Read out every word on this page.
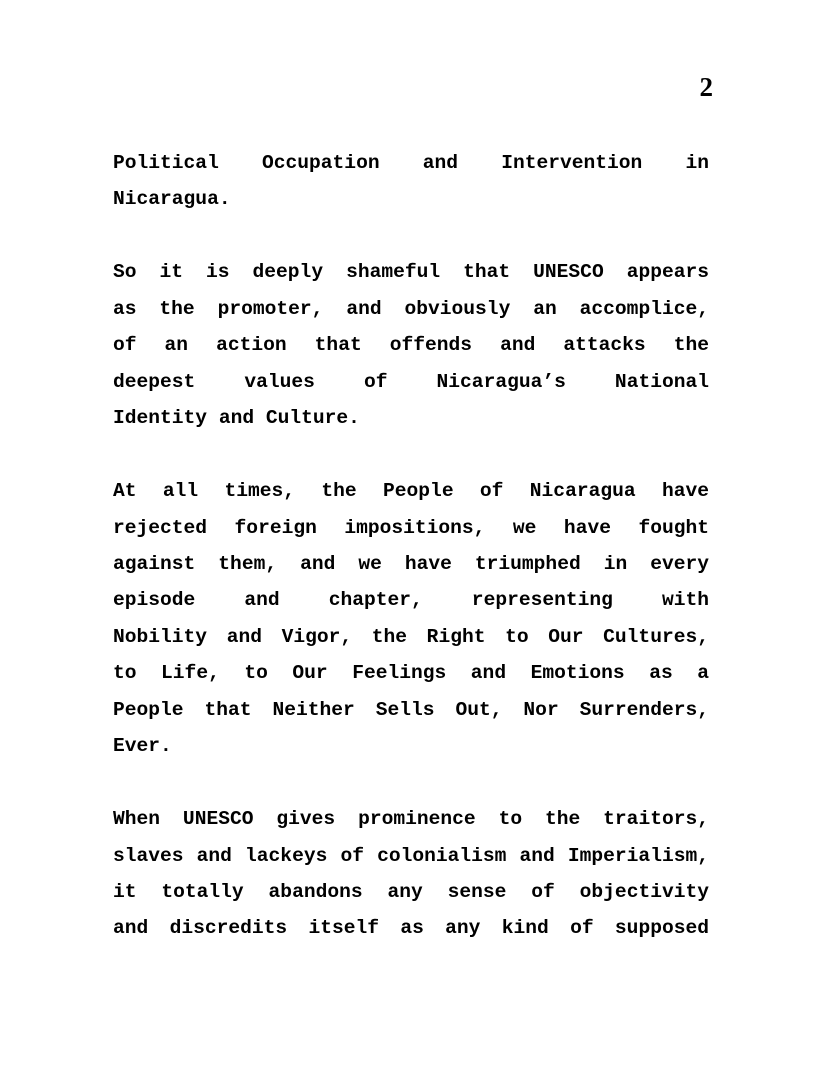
2
Political Occupation and Intervention in
Nicaragua.
So it is deeply shameful that UNESCO appears
as the promoter, and obviously an accomplice,
of an action that offends and attacks the
deepest values of Nicaragua’s National
Identity and Culture.
At all times, the People of Nicaragua have
rejected foreign impositions, we have fought
against them, and we have triumphed in every
episode and chapter, representing with
Nobility and Vigor, the Right to Our Cultures,
to Life, to Our Feelings and Emotions as a
People that Neither Sells Out, Nor Surrenders,
Ever.
When UNESCO gives prominence to the traitors,
slaves and lackeys of colonialism and Imperialism,
it totally abandons any sense of objectivity
and discredits itself as any kind of supposed
